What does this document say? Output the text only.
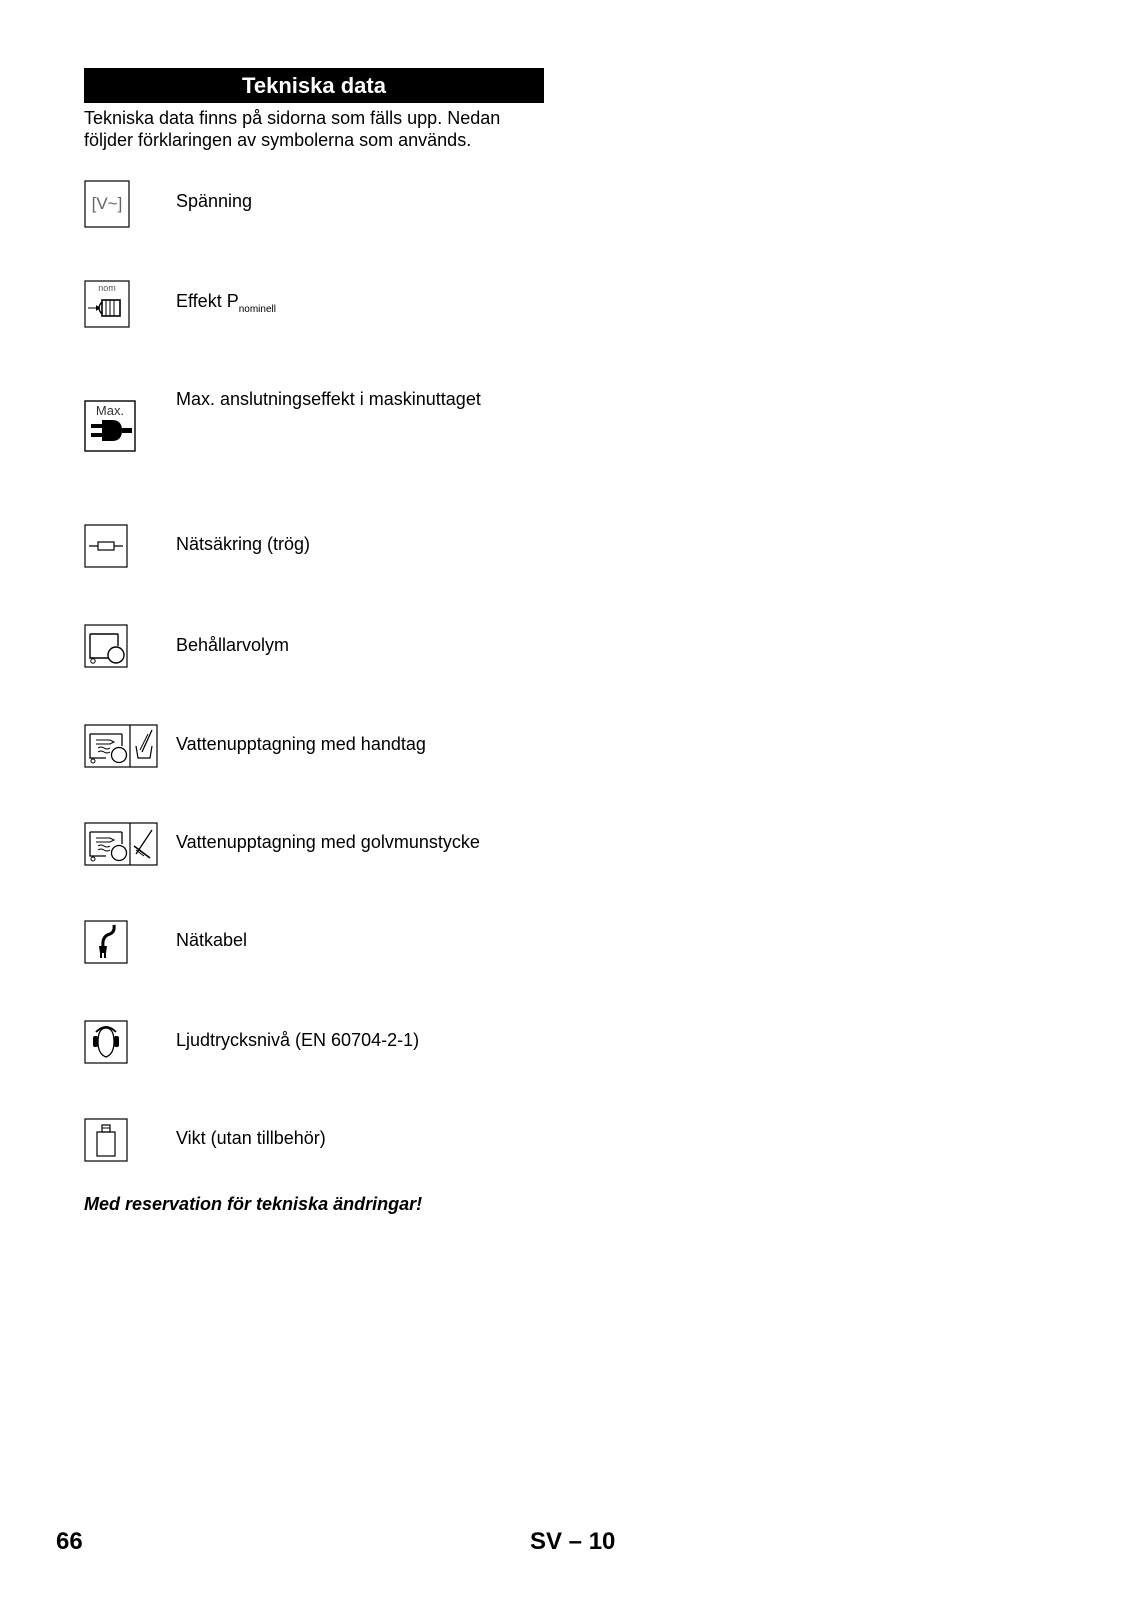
Tekniska data

Tekniska data finns på sidorna som fälls upp. Nedan följder förklaringen av symbolerna som används.

[V~]	Spänning
nom
Effekt $P_{nominell}$
Max.
Max. anslutningseffekt i maskinuttaget
Nätsäkring (trög)
Behållarvolym
Vattenupptagning med handtag
Vattenupptagning med golvmunstycke
Nätkabel
Ljudtrycksnivå (EN 60704-2-1)
Vikt (utan tillbehör)
Med reservation för tekniska ändringar!
66	SV – 10
